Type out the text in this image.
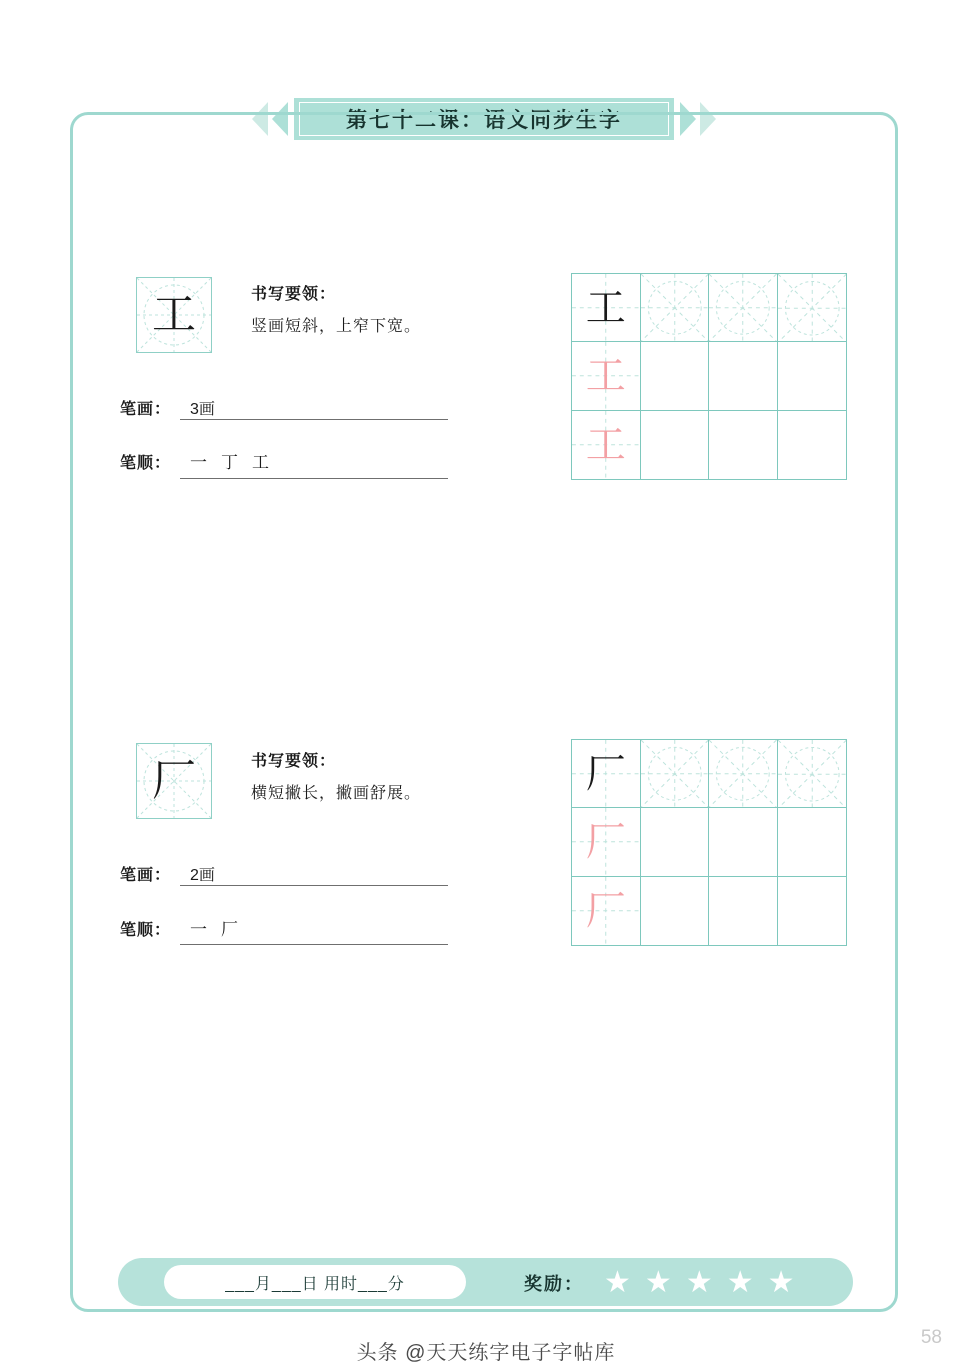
第七十二课：语文同步生字
工	书写要领：
竖画短斜，上窄下宽。
笔画： 3画
笔顺： 一丁工
工
工
工
厂	书写要领：
横短撇长，撇画舒展。
笔画： 2画
笔顺： 一厂
厂
厂
厂
___月___日 用时___分	奖励： ★ ★ ★ ★ ★
58
头条 @天天练字电子字帖库
